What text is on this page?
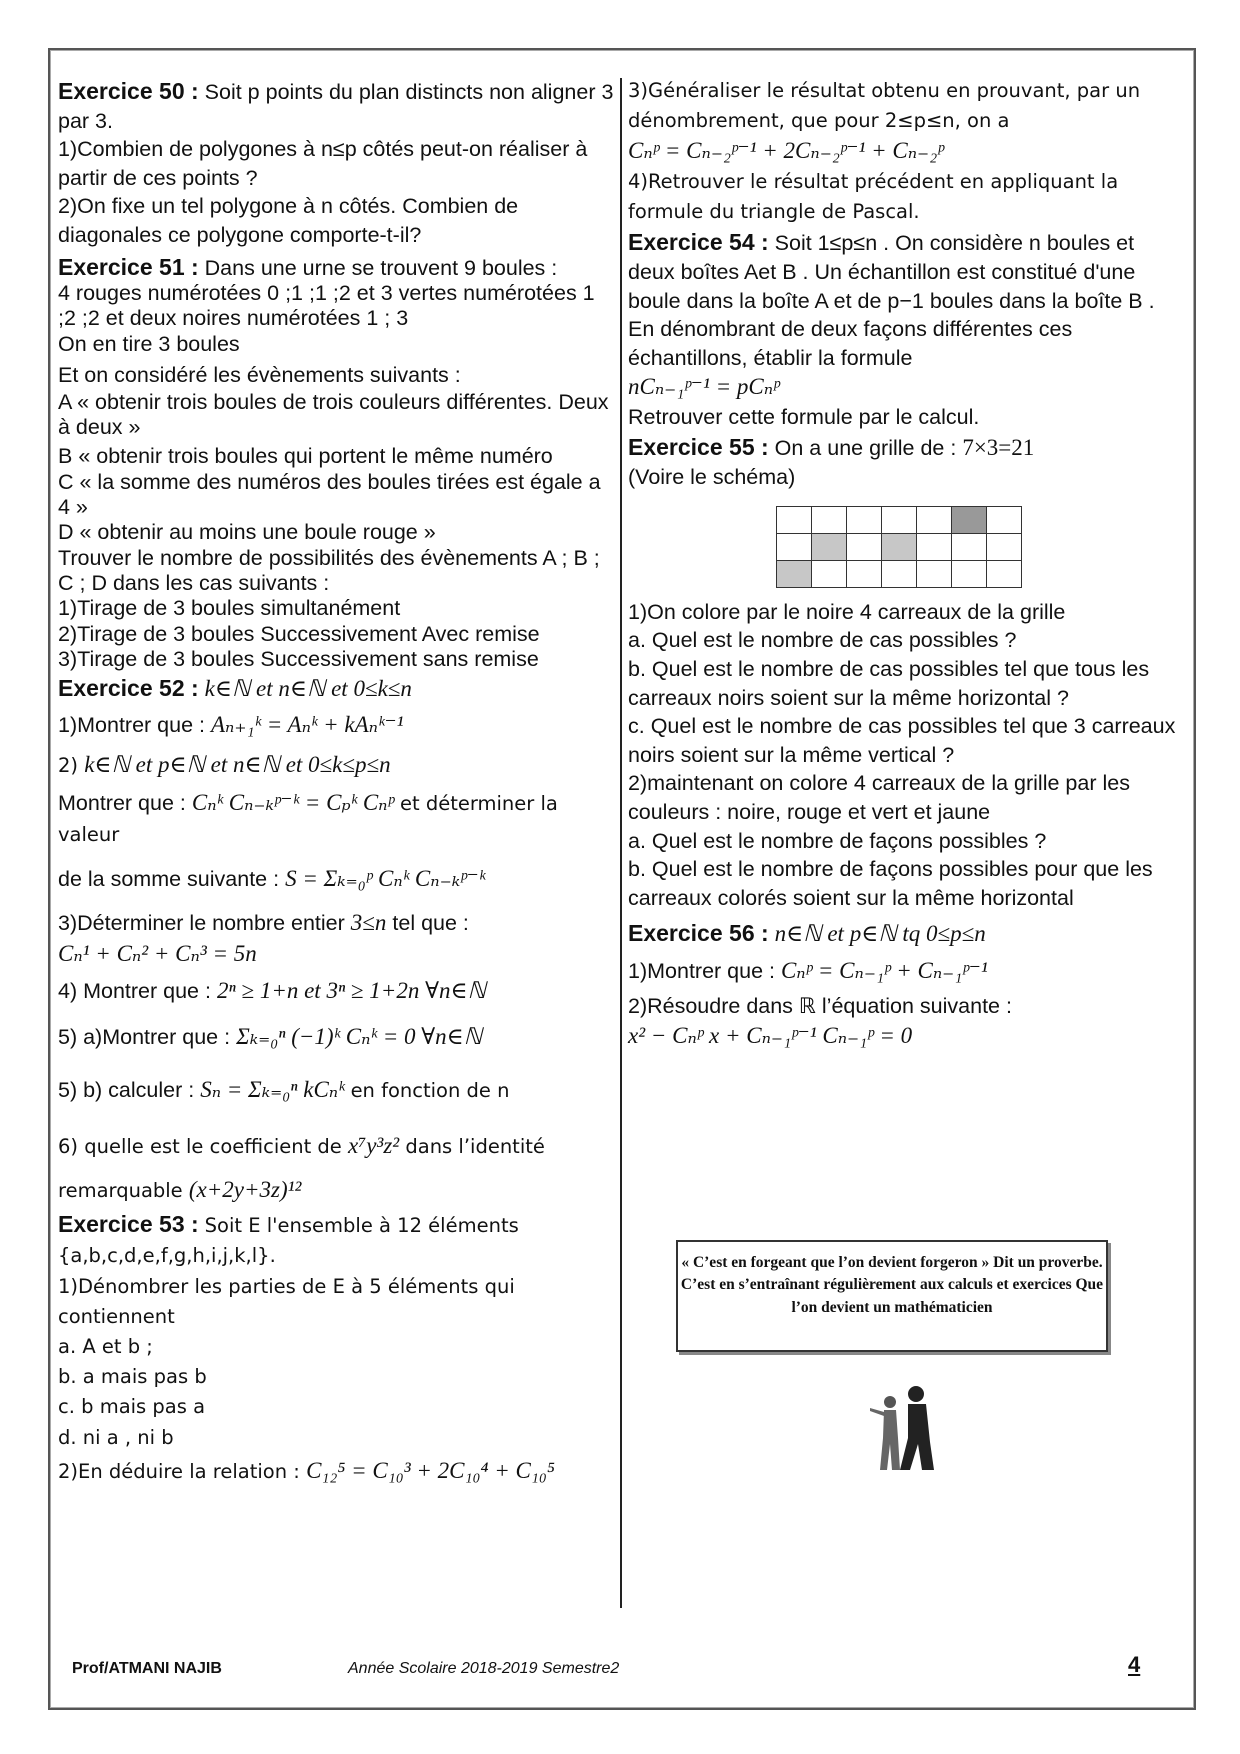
Exercice 50 : Soit p points du plan distincts non aligner 3 par 3.

1)Combien de polygones à n≤p côtés peut-on réaliser à partir de ces points ?

2)On fixe un tel polygone à n côtés. Combien de diagonales ce polygone comporte-t-il?

Exercice 51 : Dans une urne se trouvent 9 boules :

4 rouges numérotées 0 ;1 ;1 ;2 et 3 vertes numérotées 1 ;2 ;2 et deux noires numérotées 1 ; 3

On en tire 3 boules

Et on considéré les évènements suivants :

A « obtenir trois boules de trois couleurs différentes. Deux à deux »

B « obtenir trois boules qui portent le même numéro

C « la somme des numéros des boules tirées est égale a 4 »

D « obtenir au moins une boule rouge »

Trouver le nombre de possibilités des évènements A ; B ; C ; D dans les cas suivants :

1)Tirage de 3 boules simultanément

2)Tirage de 3 boules Successivement Avec remise

3)Tirage de 3 boules Successivement sans remise

Exercice 52 : k∈ℕ et n∈ℕ et 0≤k≤n

1)Montrer que : Aₙ₊₁ᵏ = Aₙᵏ + kAₙᵏ⁻¹

2) k∈ℕ et p∈ℕ et n∈ℕ et 0≤k≤p≤n

Montrer que : Cₙᵏ Cₙ₋ₖᵖ⁻ᵏ = Cₚᵏ Cₙᵖ et déterminer la valeur

de la somme suivante : S = Σₖ₌₀ᵖ Cₙᵏ Cₙ₋ₖᵖ⁻ᵏ

3)Déterminer le nombre entier 3≤n tel que :

Cₙ¹ + Cₙ² + Cₙ³ = 5n

4) Montrer que : 2ⁿ ≥ 1+n et 3ⁿ ≥ 1+2n ∀n∈ℕ

5) a)Montrer que : Σₖ₌₀ⁿ (−1)ᵏ Cₙᵏ = 0 ∀n∈ℕ

5) b) calculer : Sₙ = Σₖ₌₀ⁿ kCₙᵏ en fonction de n

6) quelle est le coefficient de x⁷y³z² dans l’identité

remarquable (x+2y+3z)¹²

Exercice 53 : Soit E l'ensemble à 12 éléments {a,b,c,d,e,f,g,h,i,j,k,l}.

1)Dénombrer les parties de E à 5 éléments qui contiennent

a. A et b ;

b. a mais pas b

c. b mais pas a

d. ni a , ni b

2)En déduire la relation : C₁₂⁵ = C₁₀³ + 2C₁₀⁴ + C₁₀⁵

3)Généraliser le résultat obtenu en prouvant, par un dénombrement, que pour 2≤p≤n, on a

Cₙᵖ = Cₙ₋₂ᵖ⁻¹ + 2Cₙ₋₂ᵖ⁻¹ + Cₙ₋₂ᵖ

4)Retrouver le résultat précédent en appliquant la formule du triangle de Pascal.

Exercice 54 : Soit 1≤p≤n . On considère n boules et deux boîtes Aet B . Un échantillon est constitué d'une boule dans la boîte A et de p−1 boules dans la boîte B . En dénombrant de deux façons différentes ces échantillons, établir la formule

nCₙ₋₁ᵖ⁻¹ = pCₙᵖ

Retrouver cette formule par le calcul.

Exercice 55 : On a une grille de : 7×3=21

(Voire le schéma)

1)On colore par le noire 4 carreaux de la grille

a. Quel est le nombre de cas possibles ?

b. Quel est le nombre de cas possibles tel que tous les carreaux noirs soient sur la même horizontal ?

c. Quel est le nombre de cas possibles tel que 3 carreaux noirs soient sur la même vertical ?

2)maintenant on colore 4 carreaux de la grille par les couleurs : noire, rouge et vert et jaune

a. Quel est le nombre de façons possibles ?

b. Quel est le nombre de façons possibles pour que les carreaux colorés soient sur la même horizontal

Exercice 56 : n∈ℕ et p∈ℕ tq 0≤p≤n

1)Montrer que : Cₙᵖ = Cₙ₋₁ᵖ + Cₙ₋₁ᵖ⁻¹

2)Résoudre dans ℝ l’équation suivante :

x² − Cₙᵖ x + Cₙ₋₁ᵖ⁻¹ Cₙ₋₁ᵖ = 0

« C’est en forgeant que l’on devient forgeron » Dit un proverbe.

C’est en s’entraînant régulièrement aux calculs et exercices Que l’on devient un mathématicien

Prof/ATMANI NAJIB	Année Scolaire 2018-2019 Semestre2	4
